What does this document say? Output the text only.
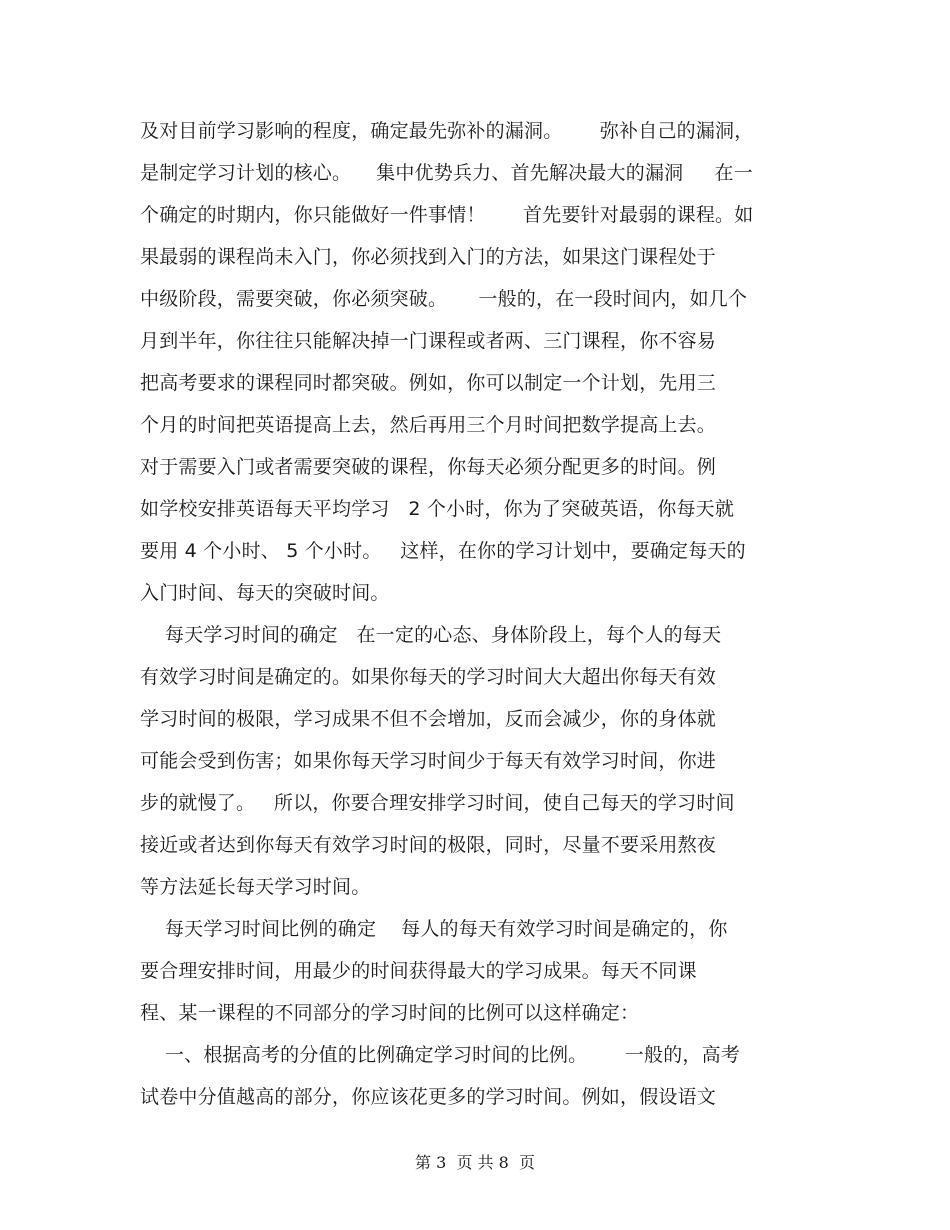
及对目前学习影响的程度，确定最先弥补的漏洞。      弥补自己的漏洞，
是制定学习计划的核心。    集中优势兵力、首先解决最大的漏洞     在一
个确定的时期内，你只能做好一件事情！      首先要针对最弱的课程。如
果最弱的课程尚未入门，你必须找到入门的方法，如果这门课程处于
中级阶段，需要突破，你必须突破。     一般的，在一段时间内，如几个
月到半年，你往往只能解决掉一门课程或者两、三门课程，你不容易
把高考要求的课程同时都突破。例如，你可以制定一个计划，先用三
个月的时间把英语提高上去，然后再用三个月时间把数学提高上去。
对于需要入门或者需要突破的课程，你每天必须分配更多的时间。例
如学校安排英语每天平均学习   2 个小时，你为了突破英语，你每天就
要用 4 个小时、 5 个小时。   这样，在你的学习计划中，要确定每天的
入门时间、每天的突破时间。
每天学习时间的确定   在一定的心态、身体阶段上，每个人的每天
有效学习时间是确定的。如果你每天的学习时间大大超出你每天有效
学习时间的极限，学习成果不但不会增加，反而会减少，你的身体就
可能会受到伤害；如果你每天学习时间少于每天有效学习时间，你进
步的就慢了。   所以，你要合理安排学习时间，使自己每天的学习时间
接近或者达到你每天有效学习时间的极限，同时，尽量不要采用熬夜
等方法延长每天学习时间。
每天学习时间比例的确定    每人的每天有效学习时间是确定的，你
要合理安排时间，用最少的时间获得最大的学习成果。每天不同课
程、某一课程的不同部分的学习时间的比例可以这样确定：
一、根据高考的分值的比例确定学习时间的比例。      一般的，高考
试卷中分值越高的部分，你应该花更多的学习时间。例如，假设语文
第 3  页 共 8  页
